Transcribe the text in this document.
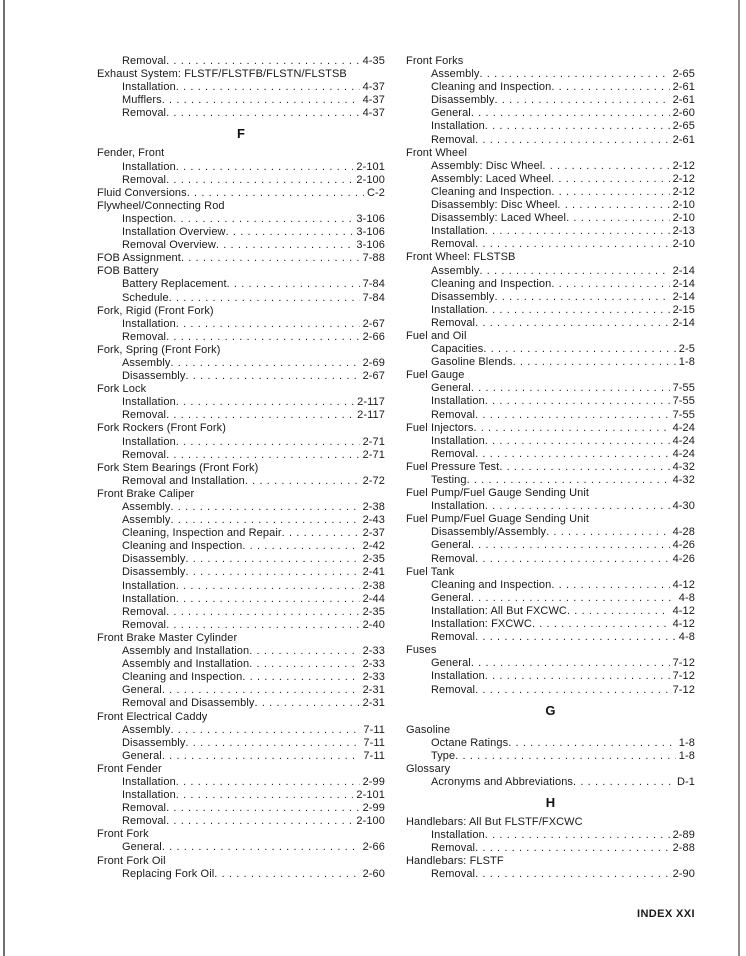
Removal . . .	4-35
Exhaust System: FLSTF/FLSTFB/FLSTN/FLSTSB
Installation . . .	4-37
Mufflers . . .	4-37
Removal . . .	4-37
F
Fender, Front
Installation . . .	2-101
Removal . . .	2-100
Fluid Conversions . . .	C-2
Flywheel/Connecting Rod
Inspection . . .	3-106
Installation Overview . . .	3-106
Removal Overview . . .	3-106
FOB Assignment . . .	7-88
FOB Battery
Battery Replacement . . .	7-84
Schedule . . .	7-84
Fork, Rigid (Front Fork)
Installation . . .	2-67
Removal . . .	2-66
Fork, Spring (Front Fork)
Assembly . . .	2-69
Disassembly . . .	2-67
Fork Lock
Installation . . .	2-117
Removal . . .	2-117
Fork Rockers (Front Fork)
Installation . . .	2-71
Removal . . .	2-71
Fork Stem Bearings (Front Fork)
Removal and Installation . . .	2-72
Front Brake Caliper
Assembly . . .	2-38
Assembly . . .	2-43
Cleaning, Inspection and Repair . . .	2-37
Cleaning and Inspection . . .	2-42
Disassembly . . .	2-35
Disassembly . . .	2-41
Installation . . .	2-38
Installation . . .	2-44
Removal . . .	2-35
Removal . . .	2-40
Front Brake Master Cylinder
Assembly and Installation . . .	2-33
Assembly and Installation . . .	2-33
Cleaning and Inspection . . .	2-33
General . . .	2-31
Removal and Disassembly . . .	2-31
Front Electrical Caddy
Assembly . . .	7-11
Disassembly . . .	7-11
General . . .	7-11
Front Fender
Installation . . .	2-99
Installation . . .	2-101
Removal . . .	2-99
Removal . . .	2-100
Front Fork
General . . .	2-66
Front Fork Oil
Replacing Fork Oil . . .	2-60
Front Forks
Assembly . . .	2-65
Cleaning and Inspection . . .	2-61
Disassembly . . .	2-61
General . . .	2-60
Installation . . .	2-65
Removal . . .	2-61
Front Wheel
Assembly: Disc Wheel . . .	2-12
Assembly: Laced Wheel . . .	2-12
Cleaning and Inspection . . .	2-12
Disassembly: Disc Wheel . . .	2-10
Disassembly: Laced Wheel . . .	2-10
Installation . . .	2-13
Removal . . .	2-10
Front Wheel: FLSTSB
Assembly . . .	2-14
Cleaning and Inspection . . .	2-14
Disassembly . . .	2-14
Installation . . .	2-15
Removal . . .	2-14
Fuel and Oil
Capacities . . .	2-5
Gasoline Blends . . .	1-8
Fuel Gauge
General . . .	7-55
Installation . . .	7-55
Removal . . .	7-55
Fuel Injectors . . .	4-24
Installation . . .	4-24
Removal . . .	4-24
Fuel Pressure Test . . .	4-32
Testing . . .	4-32
Fuel Pump/Fuel Gauge Sending Unit
Installation . . .	4-30
Fuel Pump/Fuel Guage Sending Unit
Disassembly/Assembly . . .	4-28
General . . .	4-26
Removal . . .	4-26
Fuel Tank
Cleaning and Inspection . . .	4-12
General . . .	4-8
Installation: All But FXCWC . . .	4-12
Installation: FXCWC . . .	4-12
Removal . . .	4-8
Fuses
General . . .	7-12
Installation . . .	7-12
Removal . . .	7-12
G
Gasoline
Octane Ratings . . .	1-8
Type . . .	1-8
Glossary
Acronyms and Abbreviations . . .	D-1
H
Handlebars: All But FLSTF/FXCWC
Installation . . .	2-89
Removal . . .	2-88
Handlebars: FLSTF
Removal . . .	2-90
INDEX XXI
